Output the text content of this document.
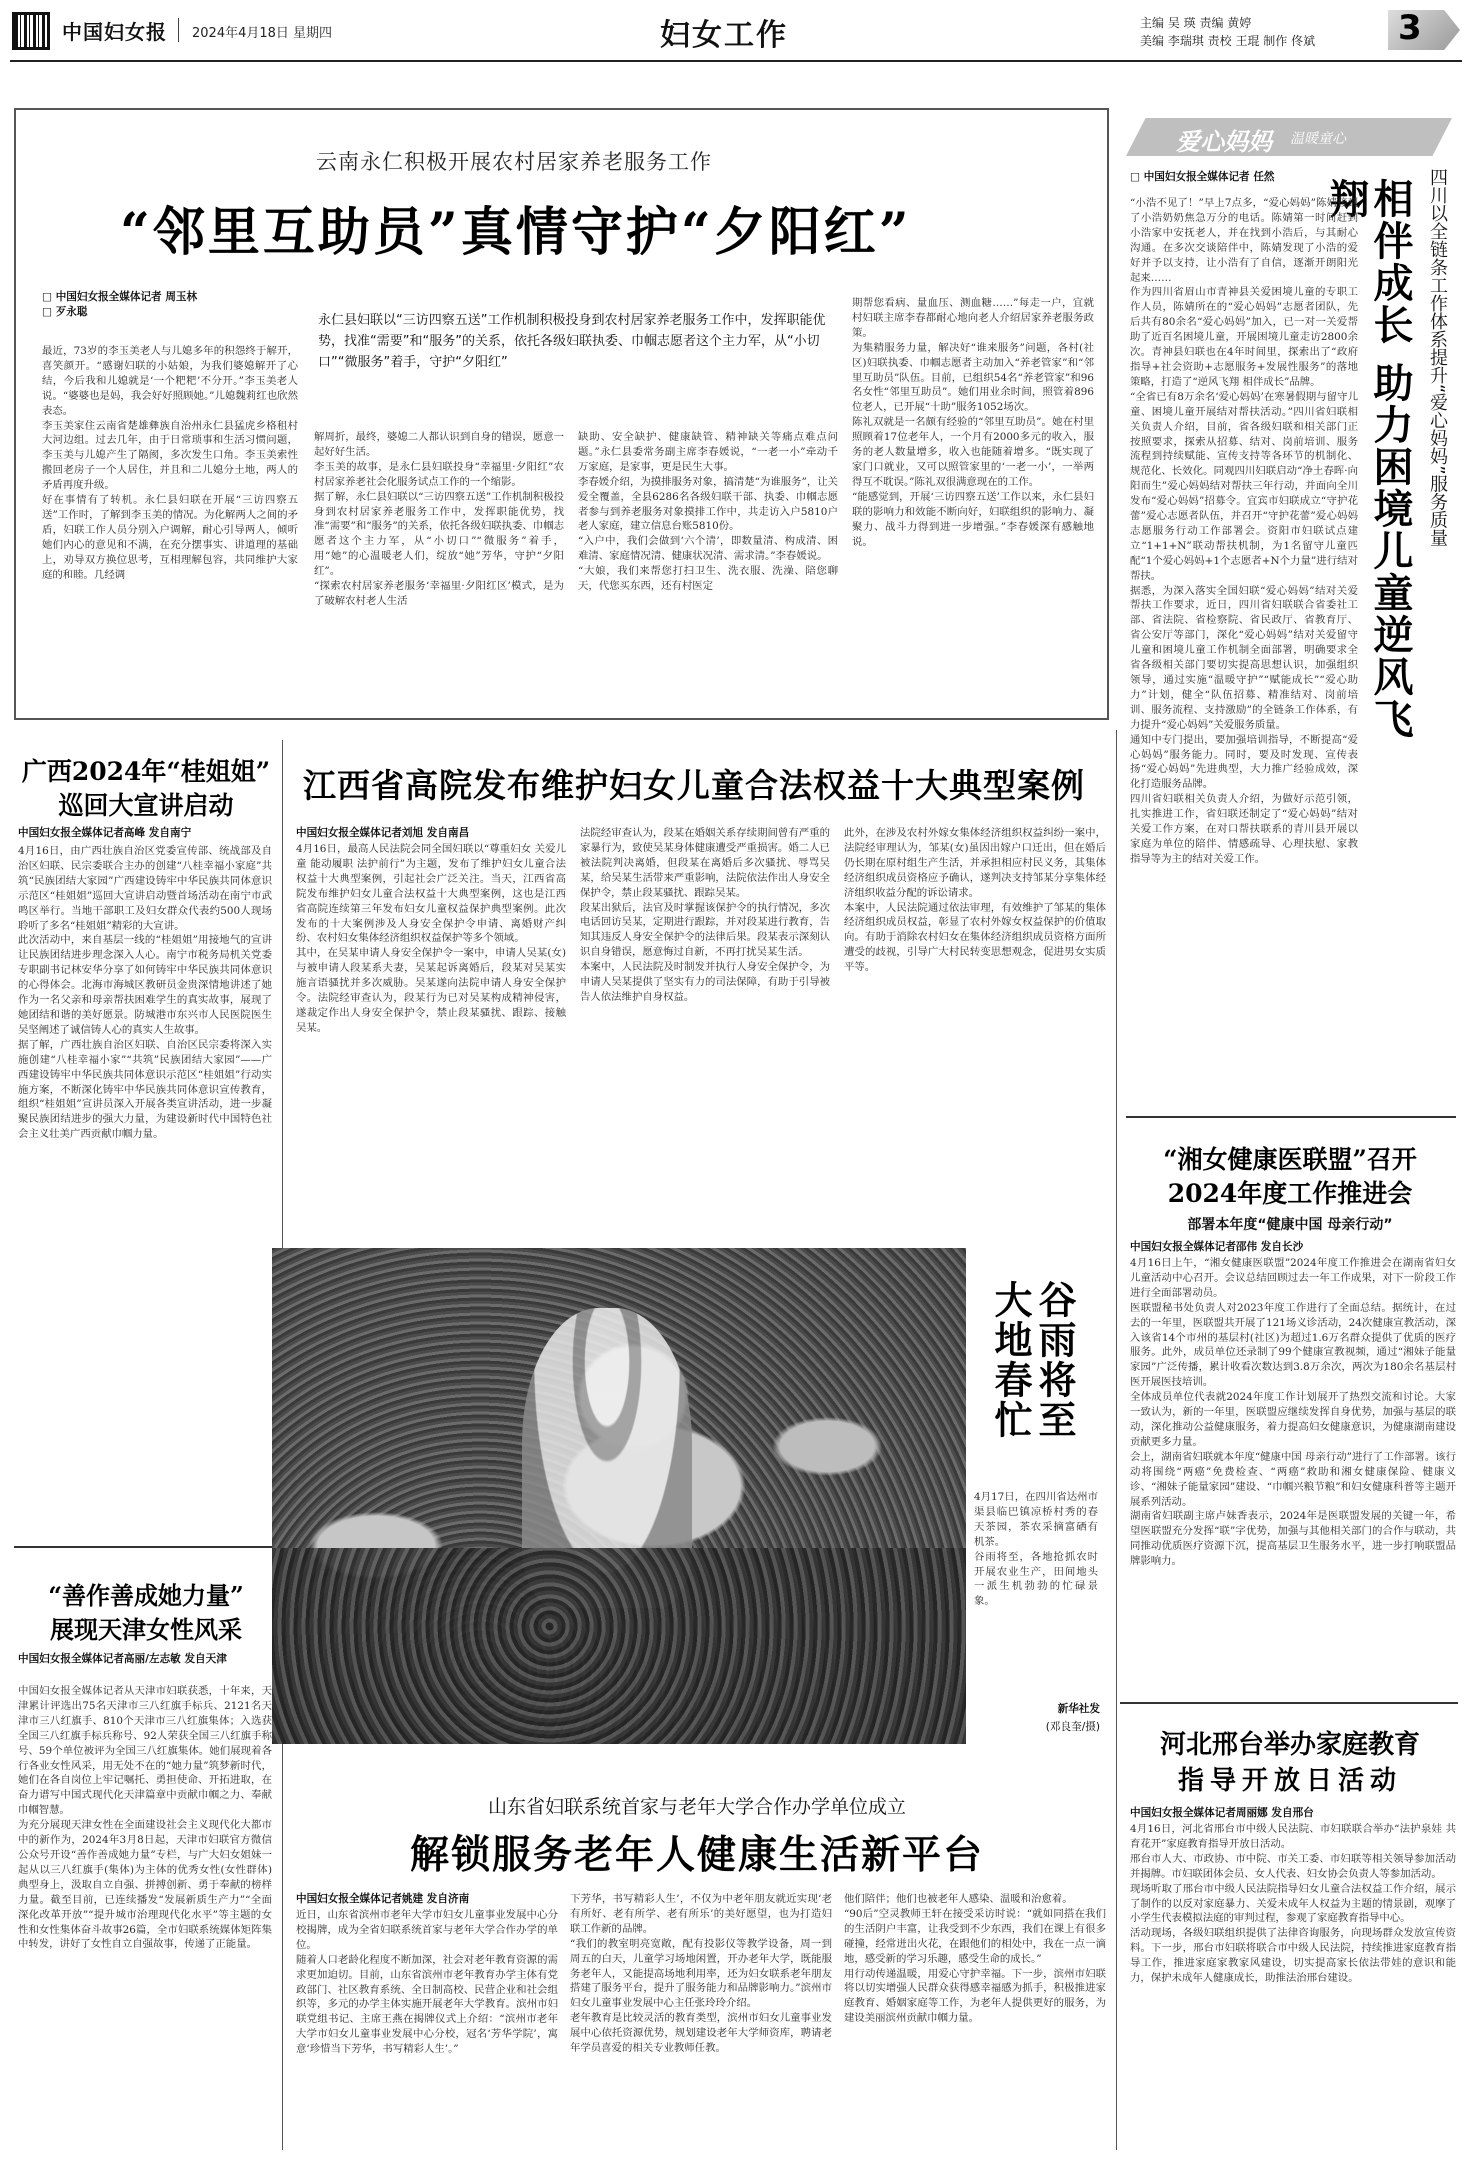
中国妇女报 2024年4月18日 星期四	妇女工作	主编 吴 瑛 责编 黄婷
美编 李瑞琪 责校 王琨 制作 佟斌 3
云南永仁积极开展农村居家养老服务工作
“邻里互助员”真情守护“夕阳红”
□ 中国妇女报全媒体记者 周玉林
□ 歹永聪
永仁县妇联以“三访四察五送”工作机制积极投身到农村居家养老服务工作中，发挥职能优势，找准“需要”和“服务”的关系，依托各级妇联执委、巾帼志愿者这个主力军，从“小切口”“微服务”着手，守护“夕阳红”
最近，73岁的李玉美老人与儿媳多年的积怨终于解开，喜笑颜开。“感谢妇联的小姑娘，为我们婆媳解开了心结，今后我和儿媳就是‘一个粑粑’不分开。”李玉美老人说。“婆婆也是妈，我会好好照顾她。”儿媳魏莉红也欣然表态。
李玉美家住云南省楚雄彝族自治州永仁县猛虎乡格租村大河边组。过去几年，由于日常琐事和生活习惯问题，李玉美与儿媳产生了隔阂，多次发生口角。李玉美索性搬回老房子一个人居住，并且和二儿媳分土地，两人的矛盾再度升级。
好在事情有了转机。永仁县妇联在开展“三访四察五送”工作时，了解到李玉美的情况。为化解两人之间的矛盾，妇联工作人员分别入户调解，耐心引导两人，倾听她们内心的意见和不满，在充分摆事实、讲道理的基础上，劝导双方换位思考，互相理解包容，共同维护大家庭的和睦。几经调
解周折，最终，婆媳二人都认识到自身的错误，愿意一起好好生活。
李玉美的故事，是永仁县妇联投身“幸福里·夕阳红”农村居家养老社会化服务试点工作的一个缩影。
据了解，永仁县妇联以“三访四察五送”工作机制积极投身到农村居家养老服务工作中，发挥职能优势，找准“需要”和“服务”的关系，依托各级妇联执委、巾帼志愿者这个主力军，从“小切口”“微服务”着手，用“她”的心温暖老人们，绽放“她”芳华，守护“夕阳红”。
“探索农村居家养老服务‘幸福里·夕阳红区’模式，是为了破解农村老人生活
缺助、安全缺护、健康缺管、精神缺关等痛点难点问题。”永仁县委常务副主席李春媛说，“一老一小”牵动千万家庭，是家事，更是民生大事。
李春媛介绍，为摸排服务对象，搞清楚“为谁服务”，让关爱全覆盖，全县6286名各级妇联干部、执委、巾帼志愿者参与到养老服务对象摸排工作中，共走访入户5810户老人家庭，建立信息台账5810份。
“入户中，我们会做到‘六个清’，即数量清、构成清、困难清、家庭情况清、健康状况清、需求清。”李春媛说。
“大娘，我们来帮您打扫卫生、洗衣服、洗澡、陪您聊天，代您买东西，还有村医定
期帮您看病、量血压、测血糖……”每走一户，宜就村妇联主席李春都耐心地向老人介绍居家养老服务政策。
为集精服务力量，解决好“谁来服务”问题，各村(社区)妇联执委、巾帼志愿者主动加入“养老管家”和“邻里互助员”队伍。目前，已组织54名“养老管家”和96名女性“邻里互助员”。她们用业余时间，照管着896位老人，已开展“十助”服务1052场次。
陈礼双就是一名颇有经验的“邻里互助员”。她在村里照顾着17位老年人，一个月有2000多元的收入，服务的老人数量增多，收入也能随着增多。“既实现了家门口就业，又可以照管家里的‘一老一小’，一举两得互不耽误。”陈礼双很满意现在的工作。
“能感觉到，开展‘三访四察五送’工作以来，永仁县妇联的影响力和效能不断向好，妇联组织的影响力、凝聚力、战斗力得到进一步增强。”李春媛深有感触地说。
爱心妈妈 温暖童心
□ 中国妇女报全媒体记者 任然
相伴成长 助力困境儿童逆风飞翔	四川以全链条工作体系提升“爱心妈妈”服务质量
“小浩不见了！”早上7点多，“爱心妈妈”陈婧接到了小浩奶奶焦急万分的电话。陈婧第一时间赶到小浩家中安抚老人，并在找到小浩后，与其耐心沟通。在多次交谈陪伴中，陈婧发现了小浩的爱好并予以支持，让小浩有了自信，逐渐开朗阳光起来……
作为四川省眉山市青神县关爱困境儿童的专职工作人员，陈婧所在的“爱心妈妈”志愿者团队，先后共有80余名“爱心妈妈”加入，已一对一关爱帮助了近百名困境儿童，开展困境儿童走访2800余次。青神县妇联也在4年时间里，探索出了“政府指导+社会资助+志愿服务+发展性服务”的落地策略，打造了“逆风飞翔 相伴成长”品牌。
“全省已有8万余名‘爱心妈妈’在寒暑假期与留守儿童、困境儿童开展结对帮扶活动。”四川省妇联相关负责人介绍，目前，省各级妇联和相关部门正按照要求，探索从招募、结对、岗前培训、服务流程到持续赋能、宣传支持等各环节的机制化、规范化、长效化。同观四川妇联启动“净土春晖·向阳而生”爱心妈妈结对帮扶三年行动，并面向全川发布“爱心妈妈”招募令。宜宾市妇联成立“守护花蕾”爱心志愿者队伍，并召开“守护花蕾”爱心妈妈志愿服务行动工作部署会。资阳市妇联试点建立“1+1+N”联动帮扶机制，为1名留守儿童匹配“1个爱心妈妈+1个志愿者+N个力量”进行结对帮扶。
据悉，为深入落实全国妇联“爱心妈妈”结对关爱帮扶工作要求，近日，四川省妇联联合省委社工部、省法院、省检察院、省民政厅、省教育厅、省公安厅等部门，深化“爱心妈妈”结对关爱留守儿童和困境儿童工作机制全面部署，明确要求全省各级相关部门要切实提高思想认识，加强组织领导，通过实施“温暖守护”“赋能成长”“爱心助力”计划，健全“队伍招募、精准结对、岗前培训、服务流程、支持激励”的全链条工作体系，有力提升“爱心妈妈”关爱服务质量。
通知中专门提出，要加强培训指导，不断提高“爱心妈妈”服务能力。同时，要及时发现、宣传表扬“爱心妈妈”先进典型，大力推广经验成效，深化打造服务品牌。
四川省妇联相关负责人介绍，为做好示范引领，扎实推进工作，省妇联还制定了“爱心妈妈”结对关爱工作方案，在对口帮扶联系的青川县开展以家庭为单位的陪伴、情感疏导、心理扶慰、家教指导等为主的结对关爱工作。
广西2024年“桂姐姐”
巡回大宣讲启动
中国妇女报全媒体记者高峰 发自南宁
4月16日，由广西壮族自治区党委宣传部、统战部及自治区妇联、民宗委联合主办的创建“八桂幸福小家庭”共筑“民族团结大家园”广西建设铸牢中华民族共同体意识示范区“桂姐姐”巡回大宣讲启动暨首场活动在南宁市武鸣区举行。当地干部职工及妇女群众代表约500人现场聆听了多名“桂姐姐”精彩的大宣讲。
此次活动中，来自基层一线的“桂姐姐”用接地气的宣讲让民族团结进步理念深入人心。南宁市税务局机关党委专职副书记林安华分享了如何铸牢中华民族共同体意识的心得体会。北海市海城区教研员金贵深情地讲述了她作为一名父亲和母亲帮扶困难学生的真实故事，展现了她团结和谐的美好愿景。防城港市东兴市人民医院医生吴坚阐述了诚信铸人心的真实人生故事。
据了解，广西壮族自治区妇联、自治区民宗委将深入实施创建“八桂幸福小家”“共筑”民族团结大家园”——广西建设铸牢中华民族共同体意识示范区“桂姐姐”行动实施方案，不断深化铸牢中华民族共同体意识宣传教育，组织“桂姐姐”宣讲员深入开展各类宣讲活动，进一步凝聚民族团结进步的强大力量，为建设新时代中国特色社会主义壮美广西贡献巾帼力量。
“善作善成她力量”
展现天津女性风采
中国妇女报全媒体记者高丽/左志敏 发自天津
中国妇女报全媒体记者从天津市妇联获悉，十年来，天津累计评选出75名天津市三八红旗手标兵、2121名天津市三八红旗手、810个天津市三八红旗集体；入选获全国三八红旗手标兵称号、92人荣获全国三八红旗手称号、59个单位被评为全国三八红旗集体。她们展现着各行各业女性风采，用无处不在的“她力量”筑梦新时代，她们在各自岗位上牢记嘱托、勇担使命、开拓进取，在奋力谱写中国式现代化天津篇章中贡献巾帼之力、奉献巾帼智慧。
为充分展现天津女性在全面建设社会主义现代化大都市中的新作为，2024年3月8日起，天津市妇联官方微信公众号开设“善作善成她力量”专栏，与广大妇女姐妹一起从以三八红旗手(集体)为主体的优秀女性(女性群体)典型身上，汲取自立自强、拼搏创新、勇于奉献的榜样力量。截至目前，已连续播发“发展新质生产力”“全面深化改革开放”“提升城市治理现代化水平”等主题的女性和女性集体奋斗故事26篇，全市妇联系统媒体矩阵集中转发，讲好了女性自立自强故事，传递了正能量。
江西省高院发布维护妇女儿童合法权益十大典型案例
中国妇女报全媒体记者刘旭 发自南昌
4月16日，最高人民法院会同全国妇联以“尊重妇女 关爱儿童 能动履职 法护前行”为主题，发布了维护妇女儿童合法权益十大典型案例，引起社会广泛关注。当天，江西省高院发布维护妇女儿童合法权益十大典型案例，这也是江西省高院连续第三年发布妇女儿童权益保护典型案例。此次发布的十大案例涉及人身安全保护令申请、离婚财产纠纷、农村妇女集体经济组织权益保护等多个领域。
其中，在吴某申请人身安全保护令一案中，申请人吴某(女)与被申请人段某系夫妻，吴某起诉离婚后，段某对吴某实施言语骚扰并多次威胁。吴某遂向法院申请人身安全保护令。法院经审查认为，段某行为已对吴某构成精神侵害，遂裁定作出人身安全保护令，禁止段某骚扰、跟踪、接触吴某。
法院经审查认为，段某在婚姻关系存续期间曾有严重的家暴行为，致使吴某身体健康遭受严重损害。婚二人已被法院判决离婚，但段某在离婚后多次骚扰、辱骂吴某，给吴某生活带来严重影响，法院依法作出人身安全保护令，禁止段某骚扰、跟踪吴某。
段某出狱后，法官及时掌握该保护令的执行情况，多次电话回访吴某，定期进行跟踪，并对段某进行教育，告知其违反人身安全保护令的法律后果。段某表示深刻认识自身错误，愿意悔过自新，不再打扰吴某生活。
本案中，人民法院及时制发并执行人身安全保护令，为申请人吴某提供了坚实有力的司法保障，有助于引导被告人依法维护自身权益。
此外，在涉及农村外嫁女集体经济组织权益纠纷一案中，法院经审理认为，邹某(女)虽因出嫁户口迁出，但在婚后仍长期在原村组生产生活，并承担相应村民义务，其集体经济组织成员资格应予确认，遂判决支持邹某分享集体经济组织收益分配的诉讼请求。
本案中，人民法院通过依法审理，有效维护了邹某的集体经济组织成员权益，彰显了农村外嫁女权益保护的价值取向。有助于消除农村妇女在集体经济组织成员资格方面所遭受的歧视，引导广大村民转变思想观念，促进男女实质平等。
谷雨将至 大地春忙
4月17日，在四川省达州市渠县临巴镇凉桥村秀的春天茶园，茶农采摘富硒有机茶。
谷雨将至，各地抢抓农时开展农业生产，田间地头一派生机勃勃的忙碌景象。
新华社发
(邓良奎/摄)
山东省妇联系统首家与老年大学合作办学单位成立
解锁服务老年人健康生活新平台
中国妇女报全媒体记者姚建 发自济南
近日，山东省滨州市老年大学市妇女儿童事业发展中心分校揭牌，成为全省妇联系统首家与老年大学合作办学的单位。
随着人口老龄化程度不断加深，社会对老年教育资源的需求更加迫切。目前，山东省滨州市老年教育办学主体有党政部门、社区教育系统、全日制高校、民营企业和社会组织等，多元的办学主体实施开展老年大学教育。滨州市妇联党组书记、主席王燕在揭牌仪式上介绍：“滨州市老年大学市妇女儿童事业发展中心分校，冠名‘芳华学院’，寓意‘珍惜当下芳华，书写精彩人生’。”
下芳华，书写精彩人生’，不仅为中老年朋友就近实现‘老有所好、老有所学、老有所乐’的美好愿望，也为打造妇联工作新的品牌。
“我们的教室明亮宽敞，配有投影仪等教学设备，周一到周五的白天，儿童学习场地闲置，开办老年大学，既能服务老年人，又能提高场地利用率，还为妇女联系老年朋友搭建了服务平台，提升了服务能力和品牌影响力。”滨州市妇女儿童事业发展中心主任张玲玲介绍。
老年教育是比较灵活的教育类型，滨州市妇女儿童事业发展中心依托资源优势，规划建设老年大学师资库，聘请老年学员喜爱的相关专业教师任教。
他们陪伴；他们也被老年人感染、温暖和治愈着。
“90后”空灵教师王轩在接受采访时说：“就如同搭在我们的生活阴户丰富，让我受到不少东西，我们在课上有很多碰撞，经常迸出火花，在跟他们的相处中，我在一点一滴地，感受新的学习乐趣，感受生命的成长。”
用行动传递温暖，用爱心守护幸福。下一步，滨州市妇联将以切实增强人民群众获得感幸福感为抓手，积极推进家庭教育、婚姻家庭等工作，为老年人提供更好的服务，为建设美丽滨州贡献巾帼力量。
“湘女健康医联盟”召开
2024年度工作推进会
部署本年度“健康中国 母亲行动”
中国妇女报全媒体记者邵伟 发自长沙
4月16日上午，“湘女健康医联盟”2024年度工作推进会在湖南省妇女儿童活动中心召开。会议总结回顾过去一年工作成果，对下一阶段工作进行全面部署动员。
医联盟秘书处负责人对2023年度工作进行了全面总结。据统计，在过去的一年里，医联盟共开展了121场义诊活动，24次健康宣教活动，深入该省14个市州的基层村(社区)为超过1.6万名群众提供了优质的医疗服务。此外，成员单位还录制了99个健康宣教视频，通过“湘妹子能量家园”广泛传播，累计收看次数达到3.8万余次，两次为180余名基层村医开展医技培训。
全体成员单位代表就2024年度工作计划展开了热烈交流和讨论。大家一致认为，新的一年里，医联盟应继续发挥自身优势，加强与基层的联动，深化推动公益健康服务，着力提高妇女健康意识，为健康湖南建设贡献更多力量。
会上，湖南省妇联就本年度“健康中国 母亲行动”进行了工作部署。该行动将围绕“两癌”免费检查、“两癌”救助和湘女健康保险、健康义诊、“湘妹子能量家园”建设、“巾帼兴粮节粮”和妇女健康科普等主题开展系列活动。
湖南省妇联副主席卢妹香表示，2024年是医联盟发展的关键一年，希望医联盟充分发挥“联”字优势，加强与其他相关部门的合作与联动，共同推动优质医疗资源下沉，提高基层卫生服务水平，进一步打响联盟品牌影响力。
河北邢台举办家庭教育
指导开放日活动
中国妇女报全媒体记者周丽娜 发自邢台
4月16日，河北省邢台市中级人民法院、市妇联联合举办“法护泉娃 共育花开”家庭教育指导开放日活动。
邢台市人大、市政协、市中院、市关工委、市妇联等相关领导参加活动并揭牌。市妇联团体会员、女人代表、妇女协会负责人等参加活动。
现场听取了邢台市中级人民法院指导妇女儿童合法权益工作介绍，展示了制作的以反对家庭暴力、关爱未成年人权益为主题的情景剧，观摩了小学生代表模拟法庭的审判过程，参观了家庭教育指导中心。
活动现场，各级妇联组织提供了法律咨询服务，向现场群众发放宣传资料。下一步，邢台市妇联将联合市中级人民法院，持续推进家庭教育指导工作，推进家庭家教家风建设，切实提高家长依法带娃的意识和能力，保护未成年人健康成长，助推法治邢台建设。
